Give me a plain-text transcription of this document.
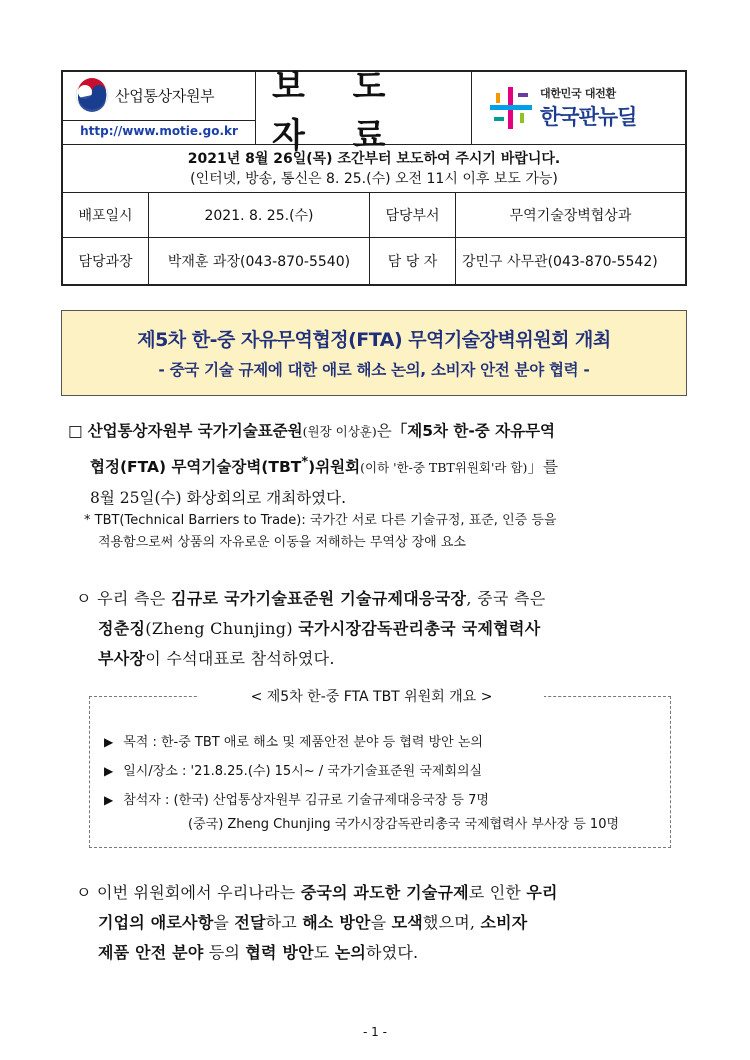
산업통상자원부
http://www.motie.go.kr
보 도 자 료
대한민국 대전환
한국판뉴딜
2021년 8월 26일(목) 조간부터 보도하여 주시기 바랍니다.
(인터넷, 방송, 통신은 8. 25.(수) 오전 11시 이후 보도 가능)
배포일시	2021. 8. 25.(수)	담당부서	무역기술장벽협상과
담당과장	박재훈 과장(043-870-5540)	담 당 자	강민구 사무관(043-870-5542)
제5차 한-중 자유무역협정(FTA) 무역기술장벽위원회 개최
- 중국 기술 규제에 대한 애로 해소 논의, 소비자 안전 분야 협력 -
□ 산업통상자원부 국가기술표준원(원장 이상훈)은「제5차 한-중 자유무역
협정(FTA) 무역기술장벽(TBT*)위원회(이하 '한-중 TBT위원회'라 함)」를
8월 25일(수) 화상회의로 개최하였다.
* TBT(Technical Barriers to Trade): 국가간 서로 다른 기술규정, 표준, 인증 등을
적용함으로써 상품의 자유로운 이동을 저해하는 무역상 장애 요소
ㅇ 우리 측은 김규로 국가기술표준원 기술규제대응국장, 중국 측은
정춘징(Zheng Chunjing) 국가시장감독관리총국 국제협력사
부사장이 수석대표로 참석하였다.
< 제5차 한-중 FTA TBT 위원회 개요 >
▶ 목적 : 한-중 TBT 애로 해소 및 제품안전 분야 등 협력 방안 논의
▶ 일시/장소 : '21.8.25.(수) 15시~ / 국가기술표준원 국제회의실
▶ 참석자 : (한국) 산업통상자원부 김규로 기술규제대응국장 등 7명
(중국) Zheng Chunjing 국가시장감독관리총국 국제협력사 부사장 등 10명
ㅇ 이번 위원회에서 우리나라는 중국의 과도한 기술규제로 인한 우리
기업의 애로사항을 전달하고 해소 방안을 모색했으며, 소비자
제품 안전 분야 등의 협력 방안도 논의하였다.
- 1 -
